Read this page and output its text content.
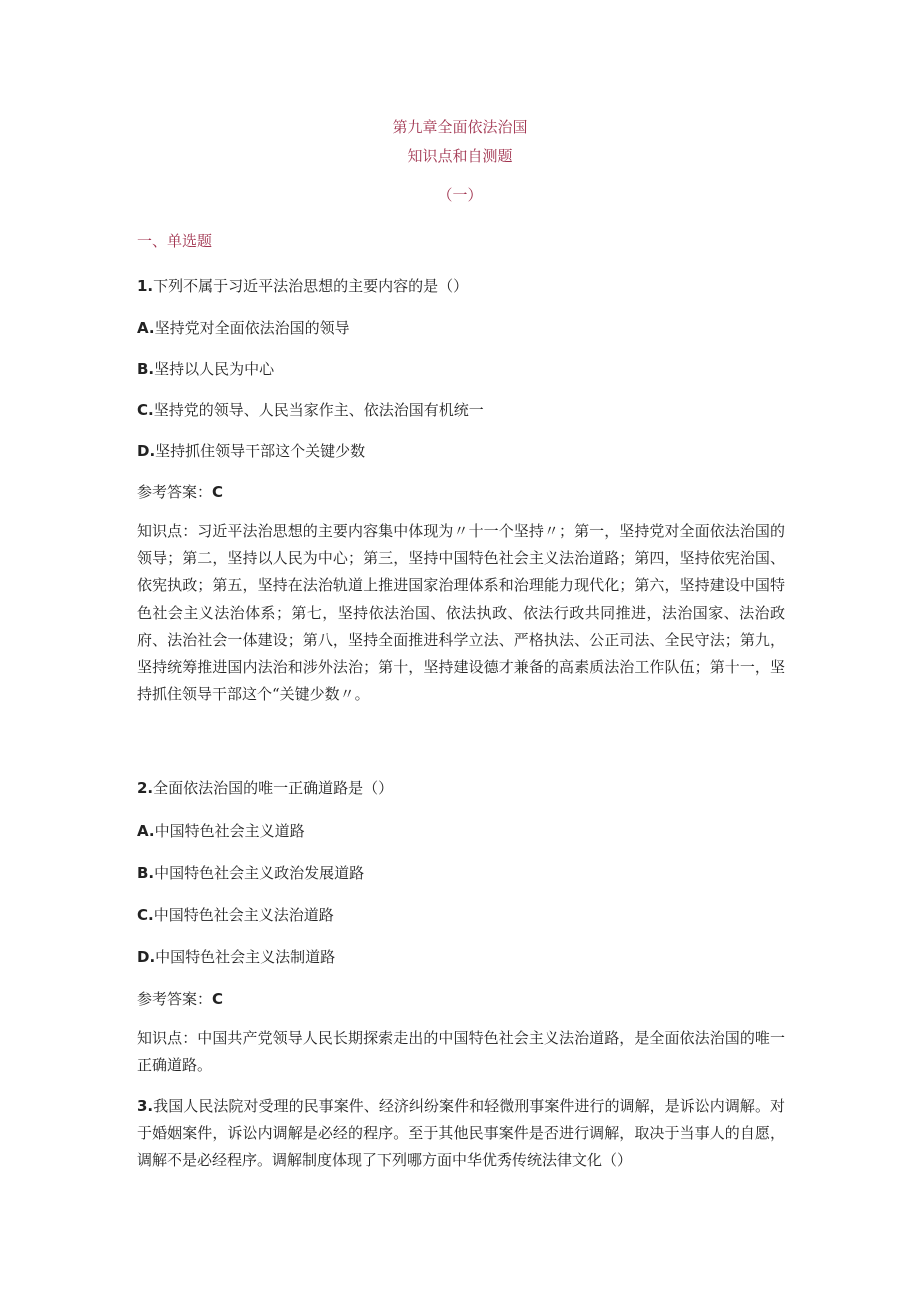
第九章全面依法治国
知识点和自测题
（一）
一、单选题
1.下列不属于习近平法治思想的主要内容的是（）
A.坚持党对全面依法治国的领导
B.坚持以人民为中心
C.坚持党的领导、人民当家作主、依法治国有机统一
D.坚持抓住领导干部这个关键少数
参考答案：C
知识点：习近平法治思想的主要内容集中体现为〃十一个坚持〃；第一，坚持党对全面依法治国的领导；第二，坚持以人民为中心；第三，坚持中国特色社会主义法治道路；第四，坚持依宪治国、依宪执政；第五，坚持在法治轨道上推进国家治理体系和治理能力现代化；第六，坚持建设中国特色社会主义法治体系；第七，坚持依法治国、依法执政、依法行政共同推进，法治国家、法治政府、法治社会一体建设；第八，坚持全面推进科学立法、严格执法、公正司法、全民守法；第九，坚持统筹推进国内法治和涉外法治；第十，坚持建设德才兼备的高素质法治工作队伍；第十一，坚持抓住领导干部这个“关键少数〃。
2.全面依法治国的唯一正确道路是（）
A.中国特色社会主义道路
B.中国特色社会主义政治发展道路
C.中国特色社会主义法治道路
D.中国特色社会主义法制道路
参考答案：C
知识点：中国共产党领导人民长期探索走出的中国特色社会主义法治道路，是全面依法治国的唯一正确道路。
3.我国人民法院对受理的民事案件、经济纠纷案件和轻微刑事案件进行的调解，是诉讼内调解。对于婚姻案件，诉讼内调解是必经的程序。至于其他民事案件是否进行调解，取决于当事人的自愿，调解不是必经程序。调解制度体现了下列哪方面中华优秀传统法律文化（）
